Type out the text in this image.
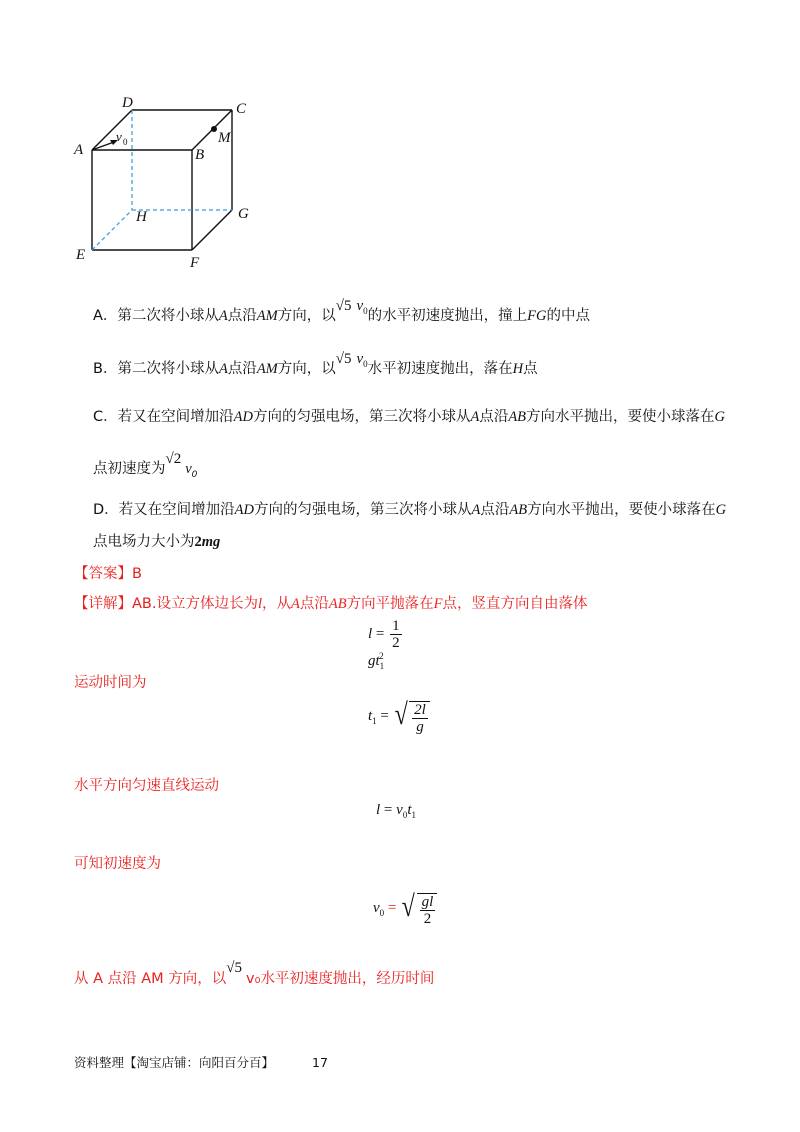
D	C
A	B
M
H	G
E	F
v 0
A．第二次将小球从A点沿AM方向，以√5 $v_0$的水平初速度抛出，撞上FG的中点
B．第二次将小球从A点沿AM方向，以√5 $v_0$水平初速度抛出，落在H点
C．若又在空间增加沿AD方向的匀强电场，第三次将小球从A点沿AB方向水平抛出，要使小球落在G
点初速度为$√2v_0$
D．若又在空间增加沿AD方向的匀强电场，第三次将小球从A点沿AB方向水平抛出，要使小球落在G
点电场力大小为2mg
【答案】B
【详解】AB.设立方体边长为l，从A点沿AB方向平抛落在F点，竖直方向自由落体
$l = \frac{1}{2}$
$gt_1^2$
运动时间为
$t_1$ = √ $\frac{2l}{g}$
水平方向匀速直线运动
$l = v_0t_1$
可知初速度为
$v_0$ = √ $\frac{gl}{2}$
从 A 点沿 AM 方向，以√5v₀水平初速度抛出，经历时间
资料整理【淘宝店铺：向阳百分百】	17
